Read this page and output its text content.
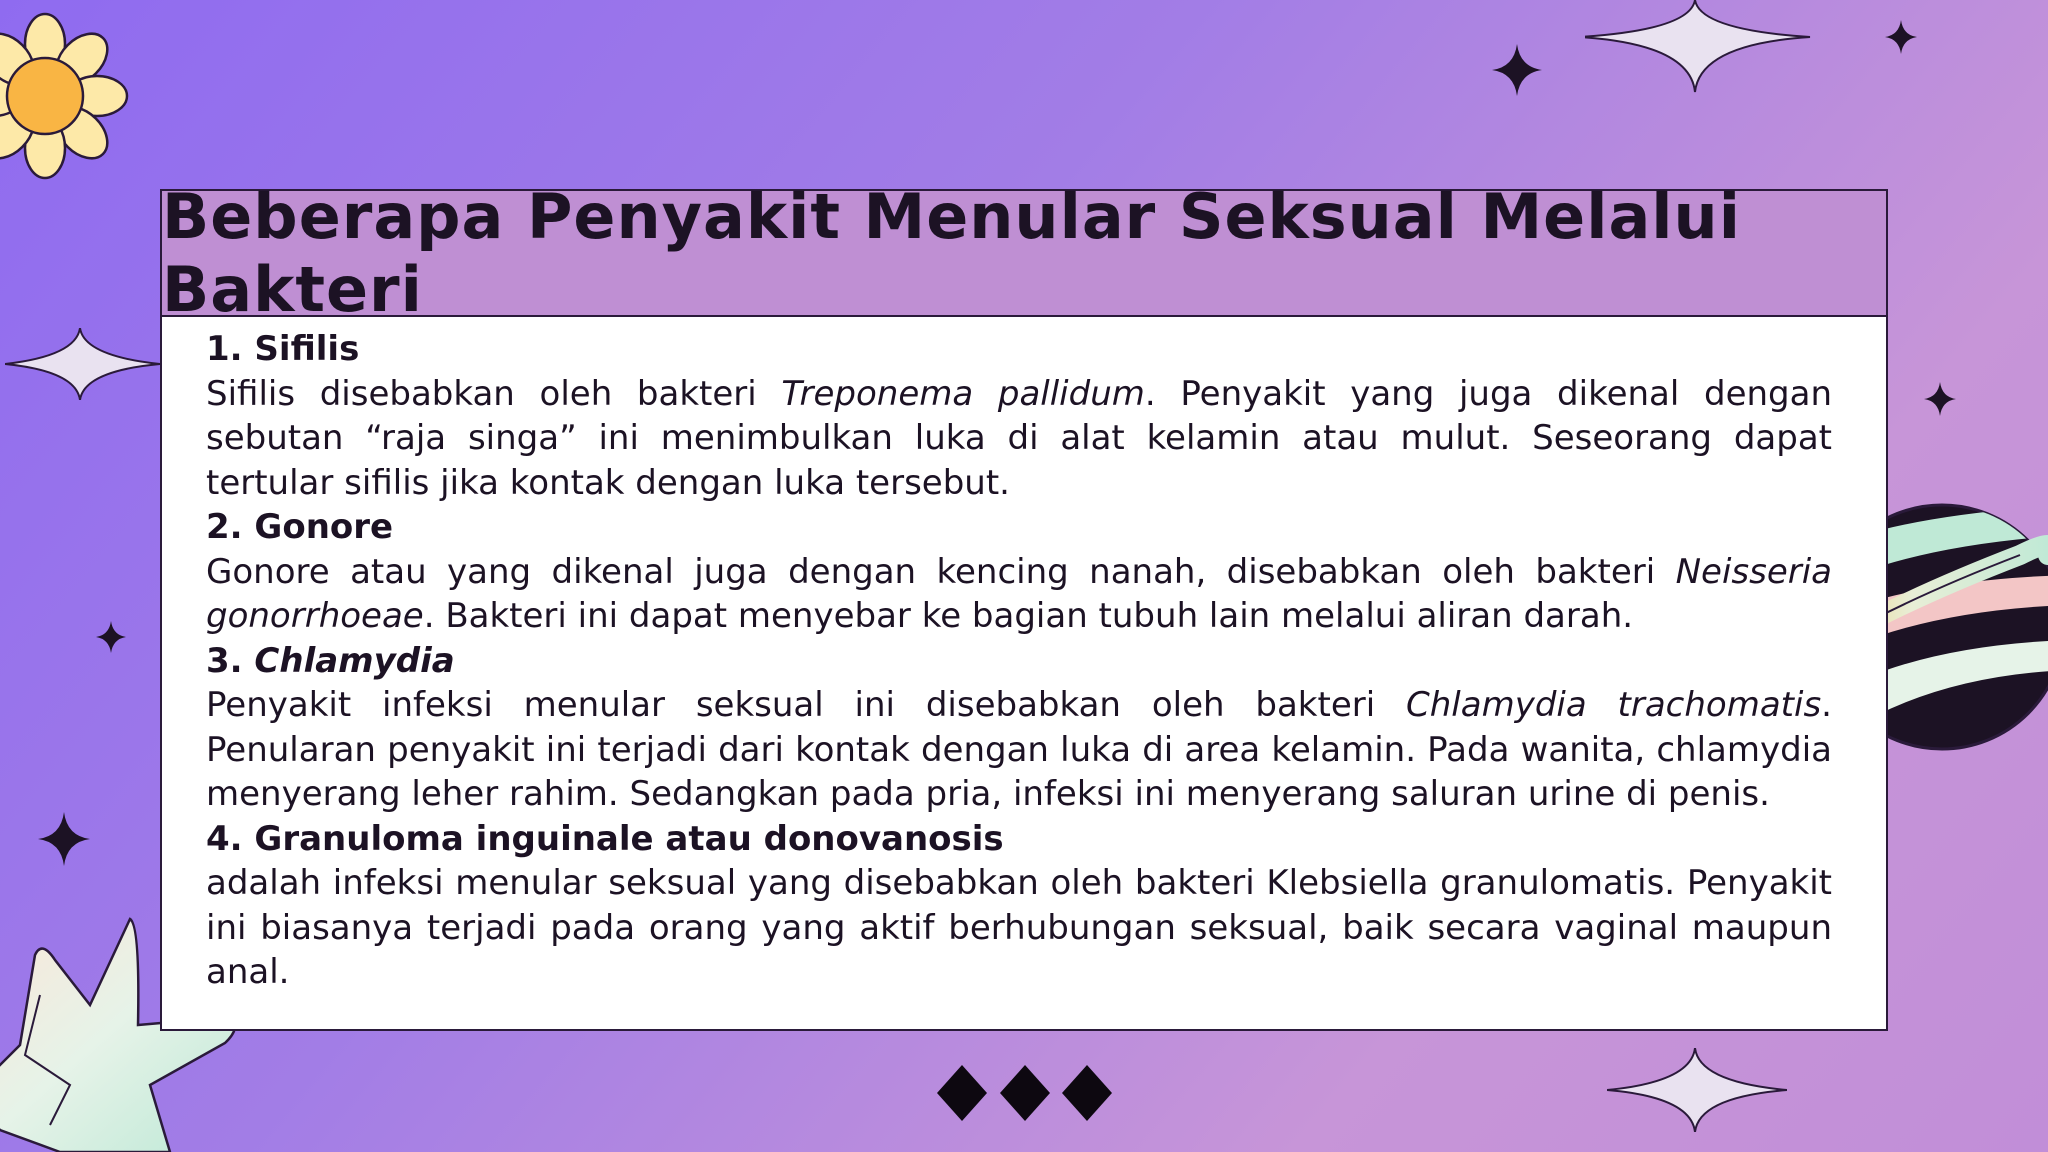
Beberapa Penyakit Menular Seksual Melalui Bakteri

1. Sifilis

Sifilis disebabkan oleh bakteri Treponema pallidum. Penyakit yang juga dikenal dengan sebutan “raja singa” ini menimbulkan luka di alat kelamin atau mulut. Seseorang dapat tertular sifilis jika kontak dengan luka tersebut.

2. Gonore

Gonore atau yang dikenal juga dengan kencing nanah, disebabkan oleh bakteri Neisseria gonorrhoeae. Bakteri ini dapat menyebar ke bagian tubuh lain melalui aliran darah.

3. Chlamydia

Penyakit infeksi menular seksual ini disebabkan oleh bakteri Chlamydia trachomatis. Penularan penyakit ini terjadi dari kontak dengan luka di area kelamin. Pada wanita, chlamydia menyerang leher rahim. Sedangkan pada pria, infeksi ini menyerang saluran urine di penis.

4. Granuloma inguinale atau donovanosis

adalah infeksi menular seksual yang disebabkan oleh bakteri Klebsiella granulomatis. Penyakit ini biasanya terjadi pada orang yang aktif berhubungan seksual, baik secara vaginal maupun anal.
